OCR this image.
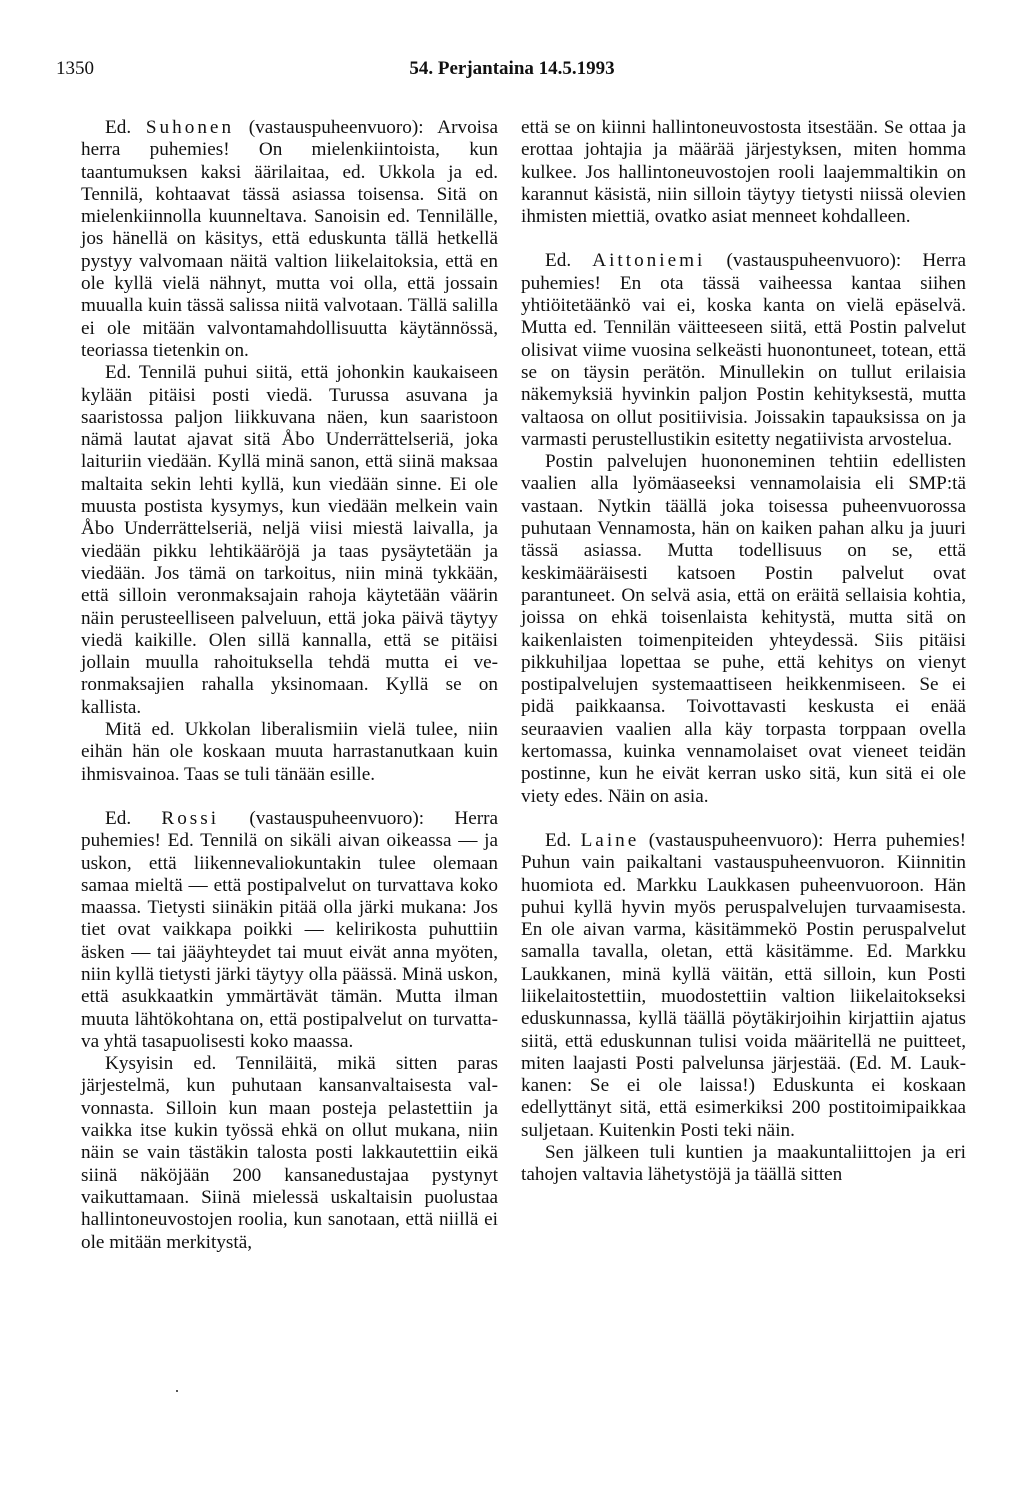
1350	54. Perjantaina 14.5.1993

Ed. Suhonen (vastauspuheenvuoro): Arvoisa herra puhemies! On mielenkiintoista, kun taantumuksen kaksi äärilaitaa, ed. Ukkola ja ed. Tennilä, kohtaavat tässä asiassa toisensa. Sitä on mielenkiinnolla kuunneltava. Sanoisin ed. Tennilälle, jos hänellä on käsitys, että eduskunta tällä hetkellä pystyy valvomaan näitä valtion liikelaitoksia, että en ole kyllä vielä nähnyt, mutta voi olla, että jossain muualla kuin tässä salissa niitä valvotaan. Tällä salilla ei ole mitään valvontamahdollisuutta käytännössä, teoriassa tietenkin on.

Ed. Tennilä puhui siitä, että johonkin kaukaiseen kylään pitäisi posti viedä. Turussa asuvana ja saaristossa paljon liikkuvana näen, kun saaristoon nämä lautat ajavat sitä Åbo Underrättelseriä, joka laituriin viedään. Kyllä minä sanon, että siinä maksaa maltaita sekin lehti kyllä, kun viedään sinne. Ei ole muusta postista kysymys, kun viedään melkein vain Åbo Underrättelseriä, neljä viisi miestä laivalla, ja viedään pikku lehtikääröjä ja taas pysäytetään ja viedään. Jos tämä on tarkoitus, niin minä tykkään, että silloin veronmaksajain rahoja käytetään väärin näin perusteelliseen palveluun, että joka päivä täytyy viedä kaikille. Olen sillä kannalla, että se pitäisi jollain muulla rahoituksella tehdä mutta ei veronmaksajien rahalla yksinomaan. Kyllä se on kallista.

Mitä ed. Ukkolan liberalismiin vielä tulee, niin eihän hän ole koskaan muuta harrastanutkaan kuin ihmisvainoa. Taas se tuli tänään esille.

Ed. Rossi (vastauspuheenvuoro): Herra puhemies! Ed. Tennilä on sikäli aivan oikeassa — ja uskon, että liikennevaliokuntakin tulee olemaan samaa mieltä — että postipalvelut on turvattava koko maassa. Tietysti siinäkin pitää olla järki mukana: Jos tiet ovat vaikkapa poikki — kelirikosta puhuttiin äsken — tai jääyhteydet tai muut eivät anna myöten, niin kyllä tietysti järki täytyy olla päässä. Minä uskon, että asukkaatkin ymmärtävät tämän. Mutta ilman muuta lähtökohtana on, että postipalvelut on turvattava yhtä tasapuolisesti koko maassa.

Kysyisin ed. Tenniläitä, mikä sitten paras järjestelmä, kun puhutaan kansanvaltaisesta valvonnasta. Silloin kun maan posteja pelastettiin ja vaikka itse kukin työssä ehkä on ollut mukana, niin näin se vain tästäkin talosta posti lakkautettiin eikä siinä näköjään 200 kansanedustajaa pystynyt vaikuttamaan. Siinä mielessä uskaltaisin puolustaa hallintoneuvostojen roolia, kun sanotaan, että niillä ei ole mitään merkitystä,

että se on kiinni hallintoneuvostosta itsestään. Se ottaa ja erottaa johtajia ja määrää järjestyksen, miten homma kulkee. Jos hallintoneuvostojen rooli laajemmaltikin on karannut käsistä, niin silloin täytyy tietysti niissä olevien ihmisten miettiä, ovatko asiat menneet kohdalleen.

Ed. Aittoniemi (vastauspuheenvuoro): Herra puhemies! En ota tässä vaiheessa kantaa siihen yhtiöitetäänkö vai ei, koska kanta on vielä epäselvä. Mutta ed. Tennilän väitteeseen siitä, että Postin palvelut olisivat viime vuosina selkeästi huonontuneet, totean, että se on täysin perätön. Minullekin on tullut erilaisia näkemyksiä hyvinkin paljon Postin kehityksestä, mutta valtaosa on ollut positiivisia. Joissakin tapauksissa on ja varmasti perustellustikin esitetty negatiivista arvostelua.

Postin palvelujen huononeminen tehtiin edellisten vaalien alla lyömäaseeksi vennamolaisia eli SMP:tä vastaan. Nytkin täällä joka toisessa puheenvuorossa puhutaan Vennamosta, hän on kaiken pahan alku ja juuri tässä asiassa. Mutta todellisuus on se, että keskimääräisesti katsoen Postin palvelut ovat parantuneet. On selvä asia, että on eräitä sellaisia kohtia, joissa on ehkä toisenlaista kehitystä, mutta sitä on kaikenlaisten toimenpiteiden yhteydessä. Siis pitäisi pikkuhiljaa lopettaa se puhe, että kehitys on vienyt postipalvelujen systemaattiseen heikkenmiseen. Se ei pidä paikkaansa. Toivottavasti keskusta ei enää seuraavien vaalien alla käy torpasta torppaan ovella kertomassa, kuinka vennamolaiset ovat vieneet teidän postinne, kun he eivät kerran usko sitä, kun sitä ei ole viety edes. Näin on asia.

Ed. Laine (vastauspuheenvuoro): Herra puhemies! Puhun vain paikaltani vastauspuheenvuoron. Kiinnitin huomiota ed. Markku Laukkasen puheenvuoroon. Hän puhui kyllä hyvin myös peruspalvelujen turvaamisesta. En ole aivan varma, käsitämmekö Postin peruspalvelut samalla tavalla, oletan, että käsitämme. Ed. Markku Laukkanen, minä kyllä väitän, että silloin, kun Posti liikelaitostettiin, muodostettiin valtion liikelaitokseksi eduskunnassa, kyllä täällä pöytäkirjoihin kirjattiin ajatus siitä, että eduskunnan tulisi voida määritellä ne puitteet, miten laajasti Posti palvelunsa järjestää. (Ed. M. Laukkanen: Se ei ole laissa!) Eduskunta ei koskaan edellyttänyt sitä, että esimerkiksi 200 postitoimipaikkaa suljetaan. Kuitenkin Posti teki näin.

Sen jälkeen tuli kuntien ja maakuntaliittojen ja eri tahojen valtavia lähetystöjä ja täällä sitten
